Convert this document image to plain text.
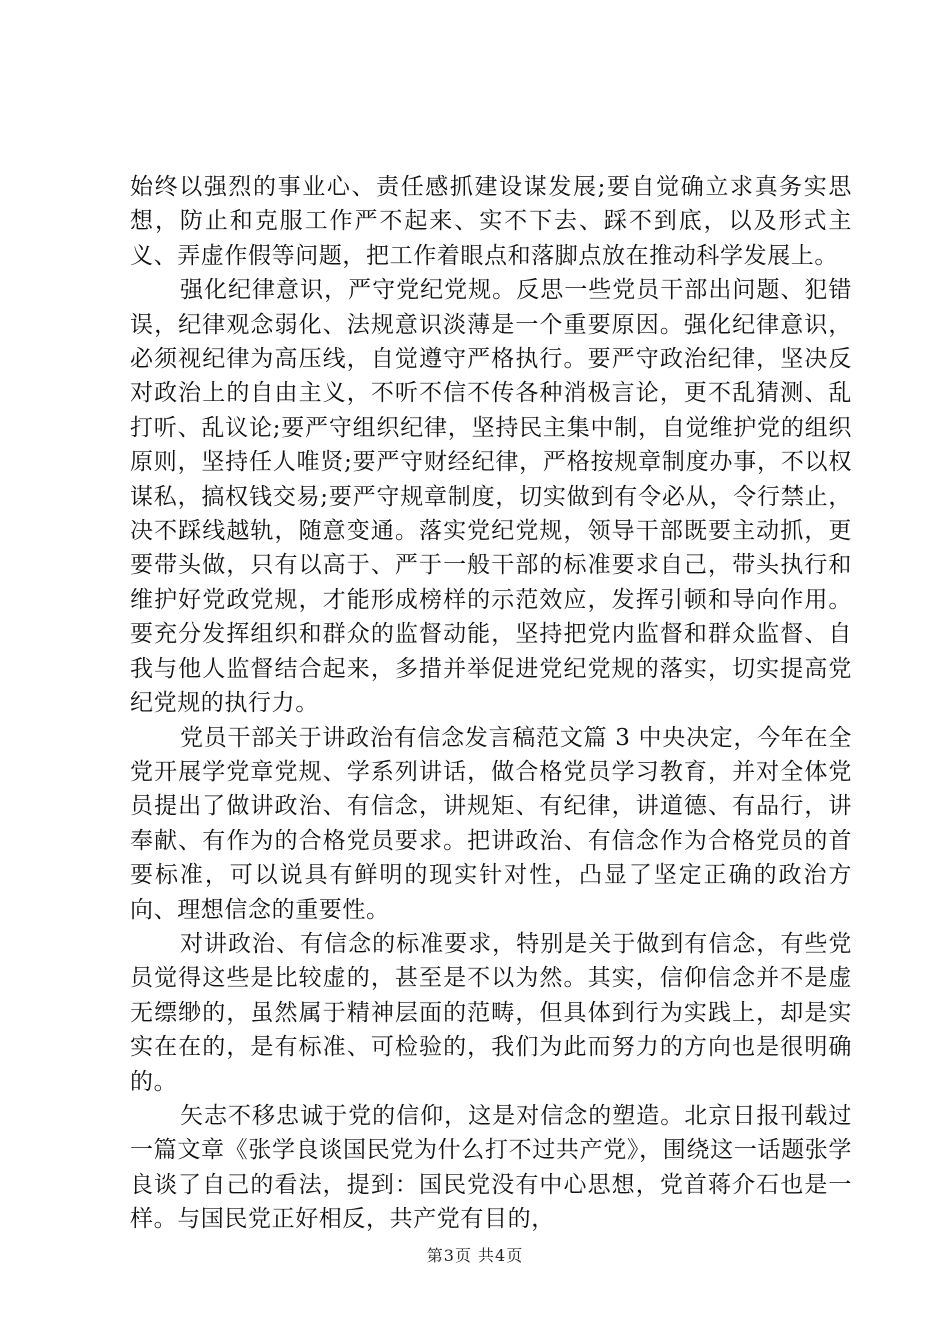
始终以强烈的事业心、责任感抓建设谋发展;要自觉确立求真务实思想，防止和克服工作严不起来、实不下去、踩不到底，以及形式主义、弄虚作假等问题，把工作着眼点和落脚点放在推动科学发展上。

强化纪律意识，严守党纪党规。反思一些党员干部出问题、犯错误，纪律观念弱化、法规意识淡薄是一个重要原因。强化纪律意识，必须视纪律为高压线，自觉遵守严格执行。要严守政治纪律，坚决反对政治上的自由主义，不听不信不传各种消极言论，更不乱猜测、乱打听、乱议论;要严守组织纪律，坚持民主集中制，自觉维护党的组织原则，坚持任人唯贤;要严守财经纪律，严格按规章制度办事，不以权谋私，搞权钱交易;要严守规章制度，切实做到有令必从，令行禁止，决不踩线越轨，随意变通。落实党纪党规，领导干部既要主动抓，更要带头做，只有以高于、严于一般干部的标准要求自己，带头执行和维护好党政党规，才能形成榜样的示范效应，发挥引顿和导向作用。要充分发挥组织和群众的监督动能，坚持把党内监督和群众监督、自我与他人监督结合起来，多措并举促进党纪党规的落实，切实提高党纪党规的执行力。

党员干部关于讲政治有信念发言稿范文篇 3 中央决定，今年在全党开展学党章党规、学系列讲话，做合格党员学习教育，并对全体党员提出了做讲政治、有信念，讲规矩、有纪律，讲道德、有品行，讲奉献、有作为的合格党员要求。把讲政治、有信念作为合格党员的首要标准，可以说具有鲜明的现实针对性，凸显了坚定正确的政治方向、理想信念的重要性。

对讲政治、有信念的标准要求，特别是关于做到有信念，有些党员觉得这些是比较虚的，甚至是不以为然。其实，信仰信念并不是虚无缥缈的，虽然属于精神层面的范畴，但具体到行为实践上，却是实实在在的，是有标准、可检验的，我们为此而努力的方向也是很明确的。

矢志不移忠诚于党的信仰，这是对信念的塑造。北京日报刊载过一篇文章《张学良谈国民党为什么打不过共产党》，围绕这一话题张学良谈了自己的看法，提到：国民党没有中心思想，党首蒋介石也是一样。与国民党正好相反，共产党有目的，

第3页 共4页
